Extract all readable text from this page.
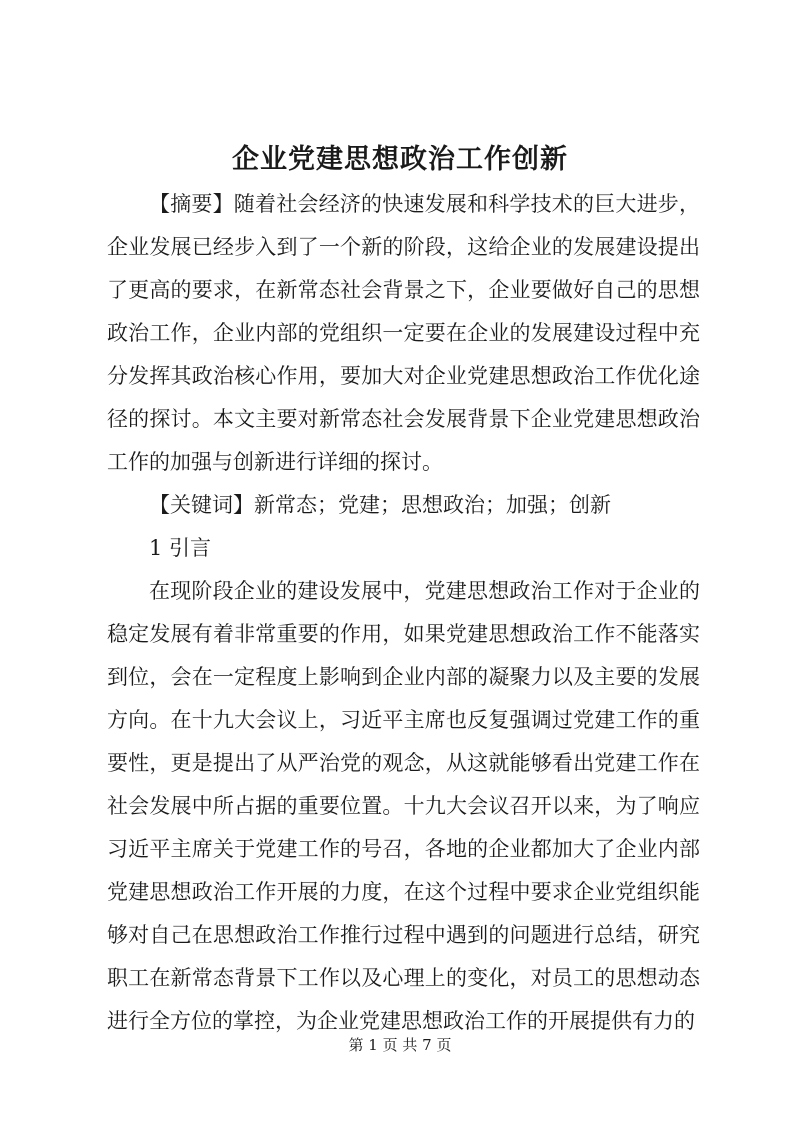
企业党建思想政治工作创新

【摘要】随着社会经济的快速发展和科学技术的巨大进步，企业发展已经步入到了一个新的阶段，这给企业的发展建设提出了更高的要求，在新常态社会背景之下，企业要做好自己的思想政治工作，企业内部的党组织一定要在企业的发展建设过程中充分发挥其政治核心作用，要加大对企业党建思想政治工作优化途径的探讨。本文主要对新常态社会发展背景下企业党建思想政治工作的加强与创新进行详细的探讨。

【关键词】新常态；党建；思想政治；加强；创新

1 引言

在现阶段企业的建设发展中，党建思想政治工作对于企业的稳定发展有着非常重要的作用，如果党建思想政治工作不能落实到位，会在一定程度上影响到企业内部的凝聚力以及主要的发展方向。在十九大会议上，习近平主席也反复强调过党建工作的重要性，更是提出了从严治党的观念，从这就能够看出党建工作在社会发展中所占据的重要位置。十九大会议召开以来，为了响应习近平主席关于党建工作的号召，各地的企业都加大了企业内部党建思想政治工作开展的力度，在这个过程中要求企业党组织能够对自己在思想政治工作推行过程中遇到的问题进行总结，研究职工在新常态背景下工作以及心理上的变化，对员工的思想动态进行全方位的掌控，为企业党建思想政治工作的开展提供有力的

第 1 页 共 7 页
